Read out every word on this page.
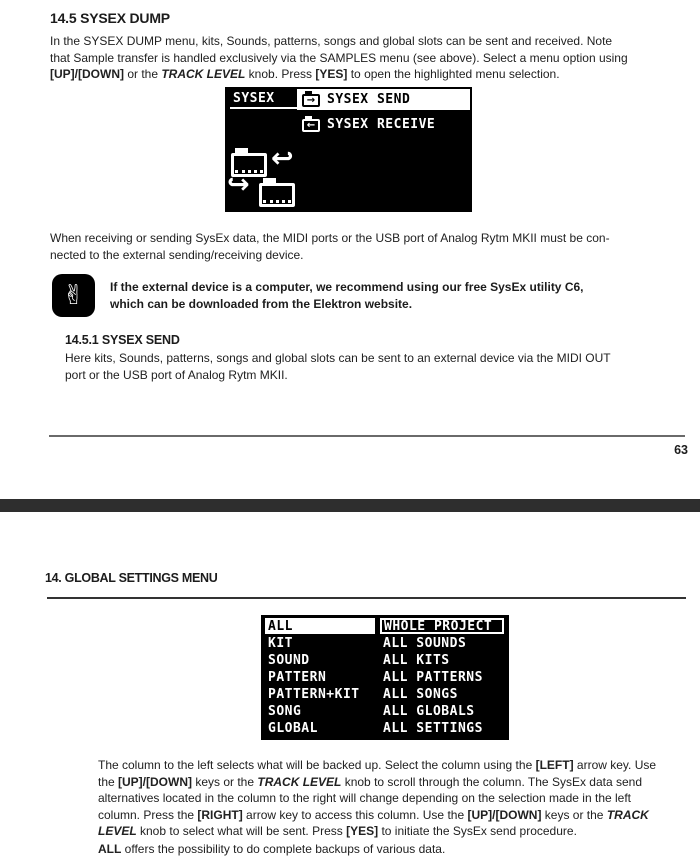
14.5 SYSEX DUMP
In the SYSEX DUMP menu, kits, Sounds, patterns, songs and global slots can be sent and received. Note
that Sample transfer is handled exclusively via the SAMPLES menu (see above). Select a menu option using
[UP]/[DOWN] or the TRACK LEVEL knob. Press [YES] to open the highlighted menu selection.
SYSEX	→ SYSEX SEND
← SYSEX RECEIVE
↩
↪
When receiving or sending SysEx data, the MIDI ports or the USB port of Analog Rytm MKII must be con-
nected to the external sending/receiving device.
✌ If the external device is a computer, we recommend using our free SysEx utility C6,
which can be downloaded from the Elektron website.
14.5.1 SYSEX SEND
Here kits, Sounds, patterns, songs and global slots can be sent to an external device via the MIDI OUT
port or the USB port of Analog Rytm MKII.
63
14. GLOBAL SETTINGS MENU
ALL
KIT
SOUND
PATTERN
PATTERN+KIT
SONG
GLOBAL
WHOLE PROJECT
ALL SOUNDS
ALL KITS
ALL PATTERNS
ALL SONGS
ALL GLOBALS
ALL SETTINGS
The column to the left selects what will be backed up. Select the column using the [LEFT] arrow key. Use
the [UP]/[DOWN] keys or the TRACK LEVEL knob to scroll through the column. The SysEx data send
alternatives located in the column to the right will change depending on the selection made in the left
column. Press the [RIGHT] arrow key to access this column. Use the [UP]/[DOWN] keys or the TRACK
LEVEL knob to select what will be sent. Press [YES] to initiate the SysEx send procedure.
ALL offers the possibility to do complete backups of various data.
